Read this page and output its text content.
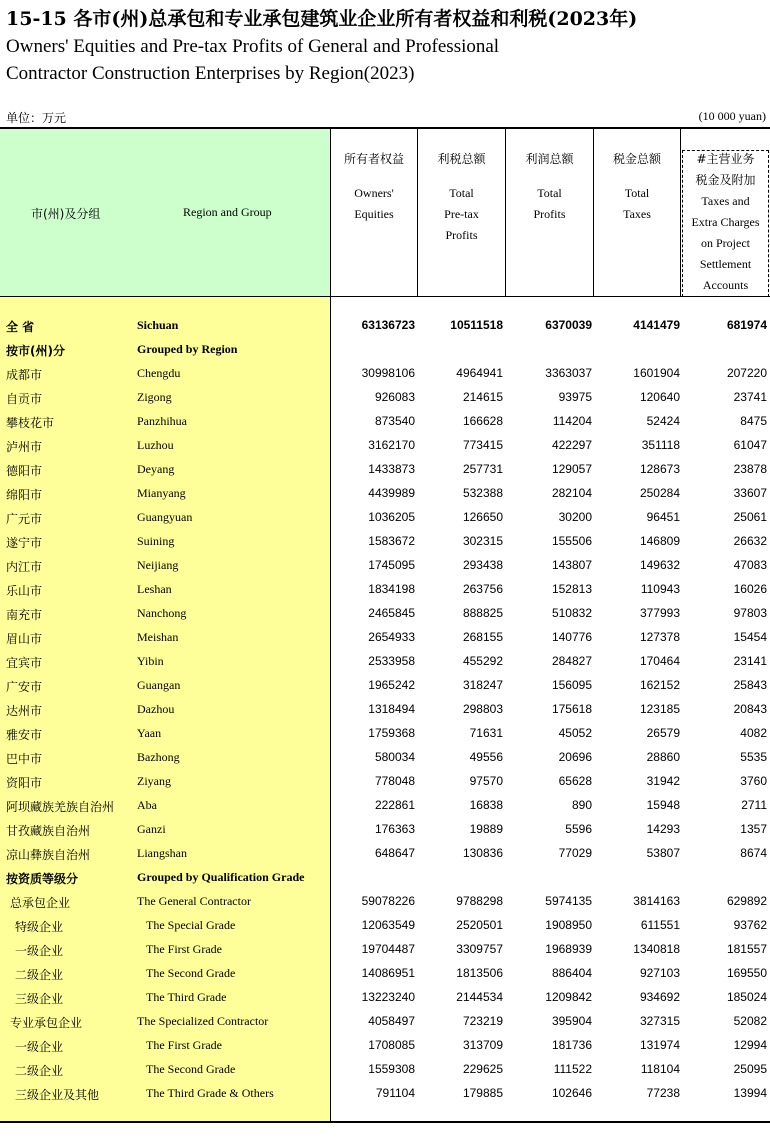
15-15 各市(州)总承包和专业承包建筑业企业所有者权益和利税(2023年)
Owners' Equities and Pre-tax Profits of General and Professional
Contractor Construction Enterprises by Region(2023)
单位：万元	(10 000 yuan)
市(州)及分组	Region and Group
所有者权益
Owners'
Equities
利税总额
Total
Pre-tax
Profits
利润总额
Total
Profits
税金总额
Total
Taxes
#主营业务
税金及附加
Taxes and
Extra Charges
on Project
Settlement
Accounts
全 省	Sichuan	63136723	10511518	6370039	4141479	681974
按市(州)分	Grouped by Region
成都市	Chengdu	30998106	4964941	3363037	1601904	207220
自贡市	Zigong	926083	214615	93975	120640	23741
攀枝花市	Panzhihua	873540	166628	114204	52424	8475
泸州市	Luzhou	3162170	773415	422297	351118	61047
德阳市	Deyang	1433873	257731	129057	128673	23878
绵阳市	Mianyang	4439989	532388	282104	250284	33607
广元市	Guangyuan	1036205	126650	30200	96451	25061
遂宁市	Suining	1583672	302315	155506	146809	26632
内江市	Neijiang	1745095	293438	143807	149632	47083
乐山市	Leshan	1834198	263756	152813	110943	16026
南充市	Nanchong	2465845	888825	510832	377993	97803
眉山市	Meishan	2654933	268155	140776	127378	15454
宜宾市	Yibin	2533958	455292	284827	170464	23141
广安市	Guangan	1965242	318247	156095	162152	25843
达州市	Dazhou	1318494	298803	175618	123185	20843
雅安市	Yaan	1759368	71631	45052	26579	4082
巴中市	Bazhong	580034	49556	20696	28860	5535
资阳市	Ziyang	778048	97570	65628	31942	3760
阿坝藏族羌族自治州 Aba	222861	16838	890	15948	2711
甘孜藏族自治州	Ganzi	176363	19889	5596	14293	1357
凉山彝族自治州	Liangshan	648647	130836	77029	53807	8674
按资质等级分	Grouped by Qualification Grade
总承包企业	The General Contractor	59078226	9788298	5974135	3814163	629892
特级企业	The Special Grade	12063549	2520501	1908950	611551	93762
一级企业	The First Grade	19704487	3309757	1968939	1340818	181557
二级企业	The Second Grade	14086951	1813506	886404	927103	169550
三级企业	The Third Grade	13223240	2144534	1209842	934692	185024
专业承包企业	The Specialized Contractor	4058497	723219	395904	327315	52082
一级企业	The First Grade	1708085	313709	181736	131974	12994
二级企业	The Second Grade	1559308	229625	111522	118104	25095
三级企业及其他	The Third Grade & Others	791104	179885	102646	77238	13994
